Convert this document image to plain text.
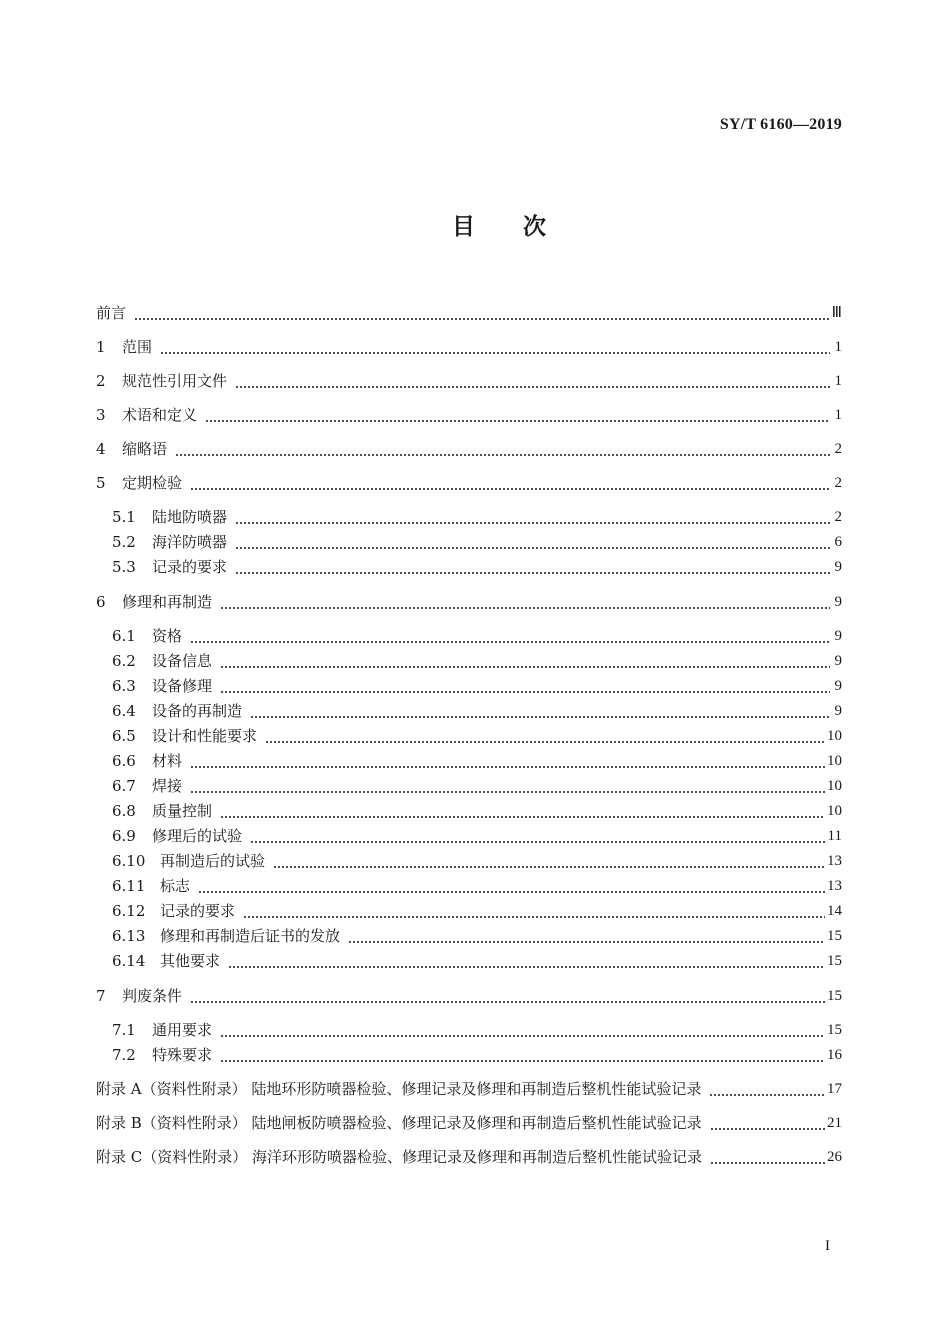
SY/T 6160—2019
目次
前言	Ⅲ
1	范围	1
2	规范性引用文件	1
3	术语和定义	1
4	缩略语	2
5	定期检验	2
5.1	陆地防喷器	2
5.2	海洋防喷器	6
5.3	记录的要求	9
6	修理和再制造	9
6.1	资格	9
6.2	设备信息	9
6.3	设备修理	9
6.4	设备的再制造	9
6.5	设计和性能要求	10
6.6	材料	10
6.7	焊接	10
6.8	质量控制	10
6.9	修理后的试验	11
6.10 再制造后的试验	13
6.11 标志	13
6.12 记录的要求	14
6.13 修理和再制造后证书的发放	15
6.14 其他要求	15
7	判废条件	15
7.1	通用要求	15
7.2	特殊要求	16
附录 A（资料性附录） 陆地环形防喷器检验、修理记录及修理和再制造后整机性能试验记录	17
附录 B（资料性附录） 陆地闸板防喷器检验、修理记录及修理和再制造后整机性能试验记录	21
附录 C（资料性附录） 海洋环形防喷器检验、修理记录及修理和再制造后整机性能试验记录	26
I
